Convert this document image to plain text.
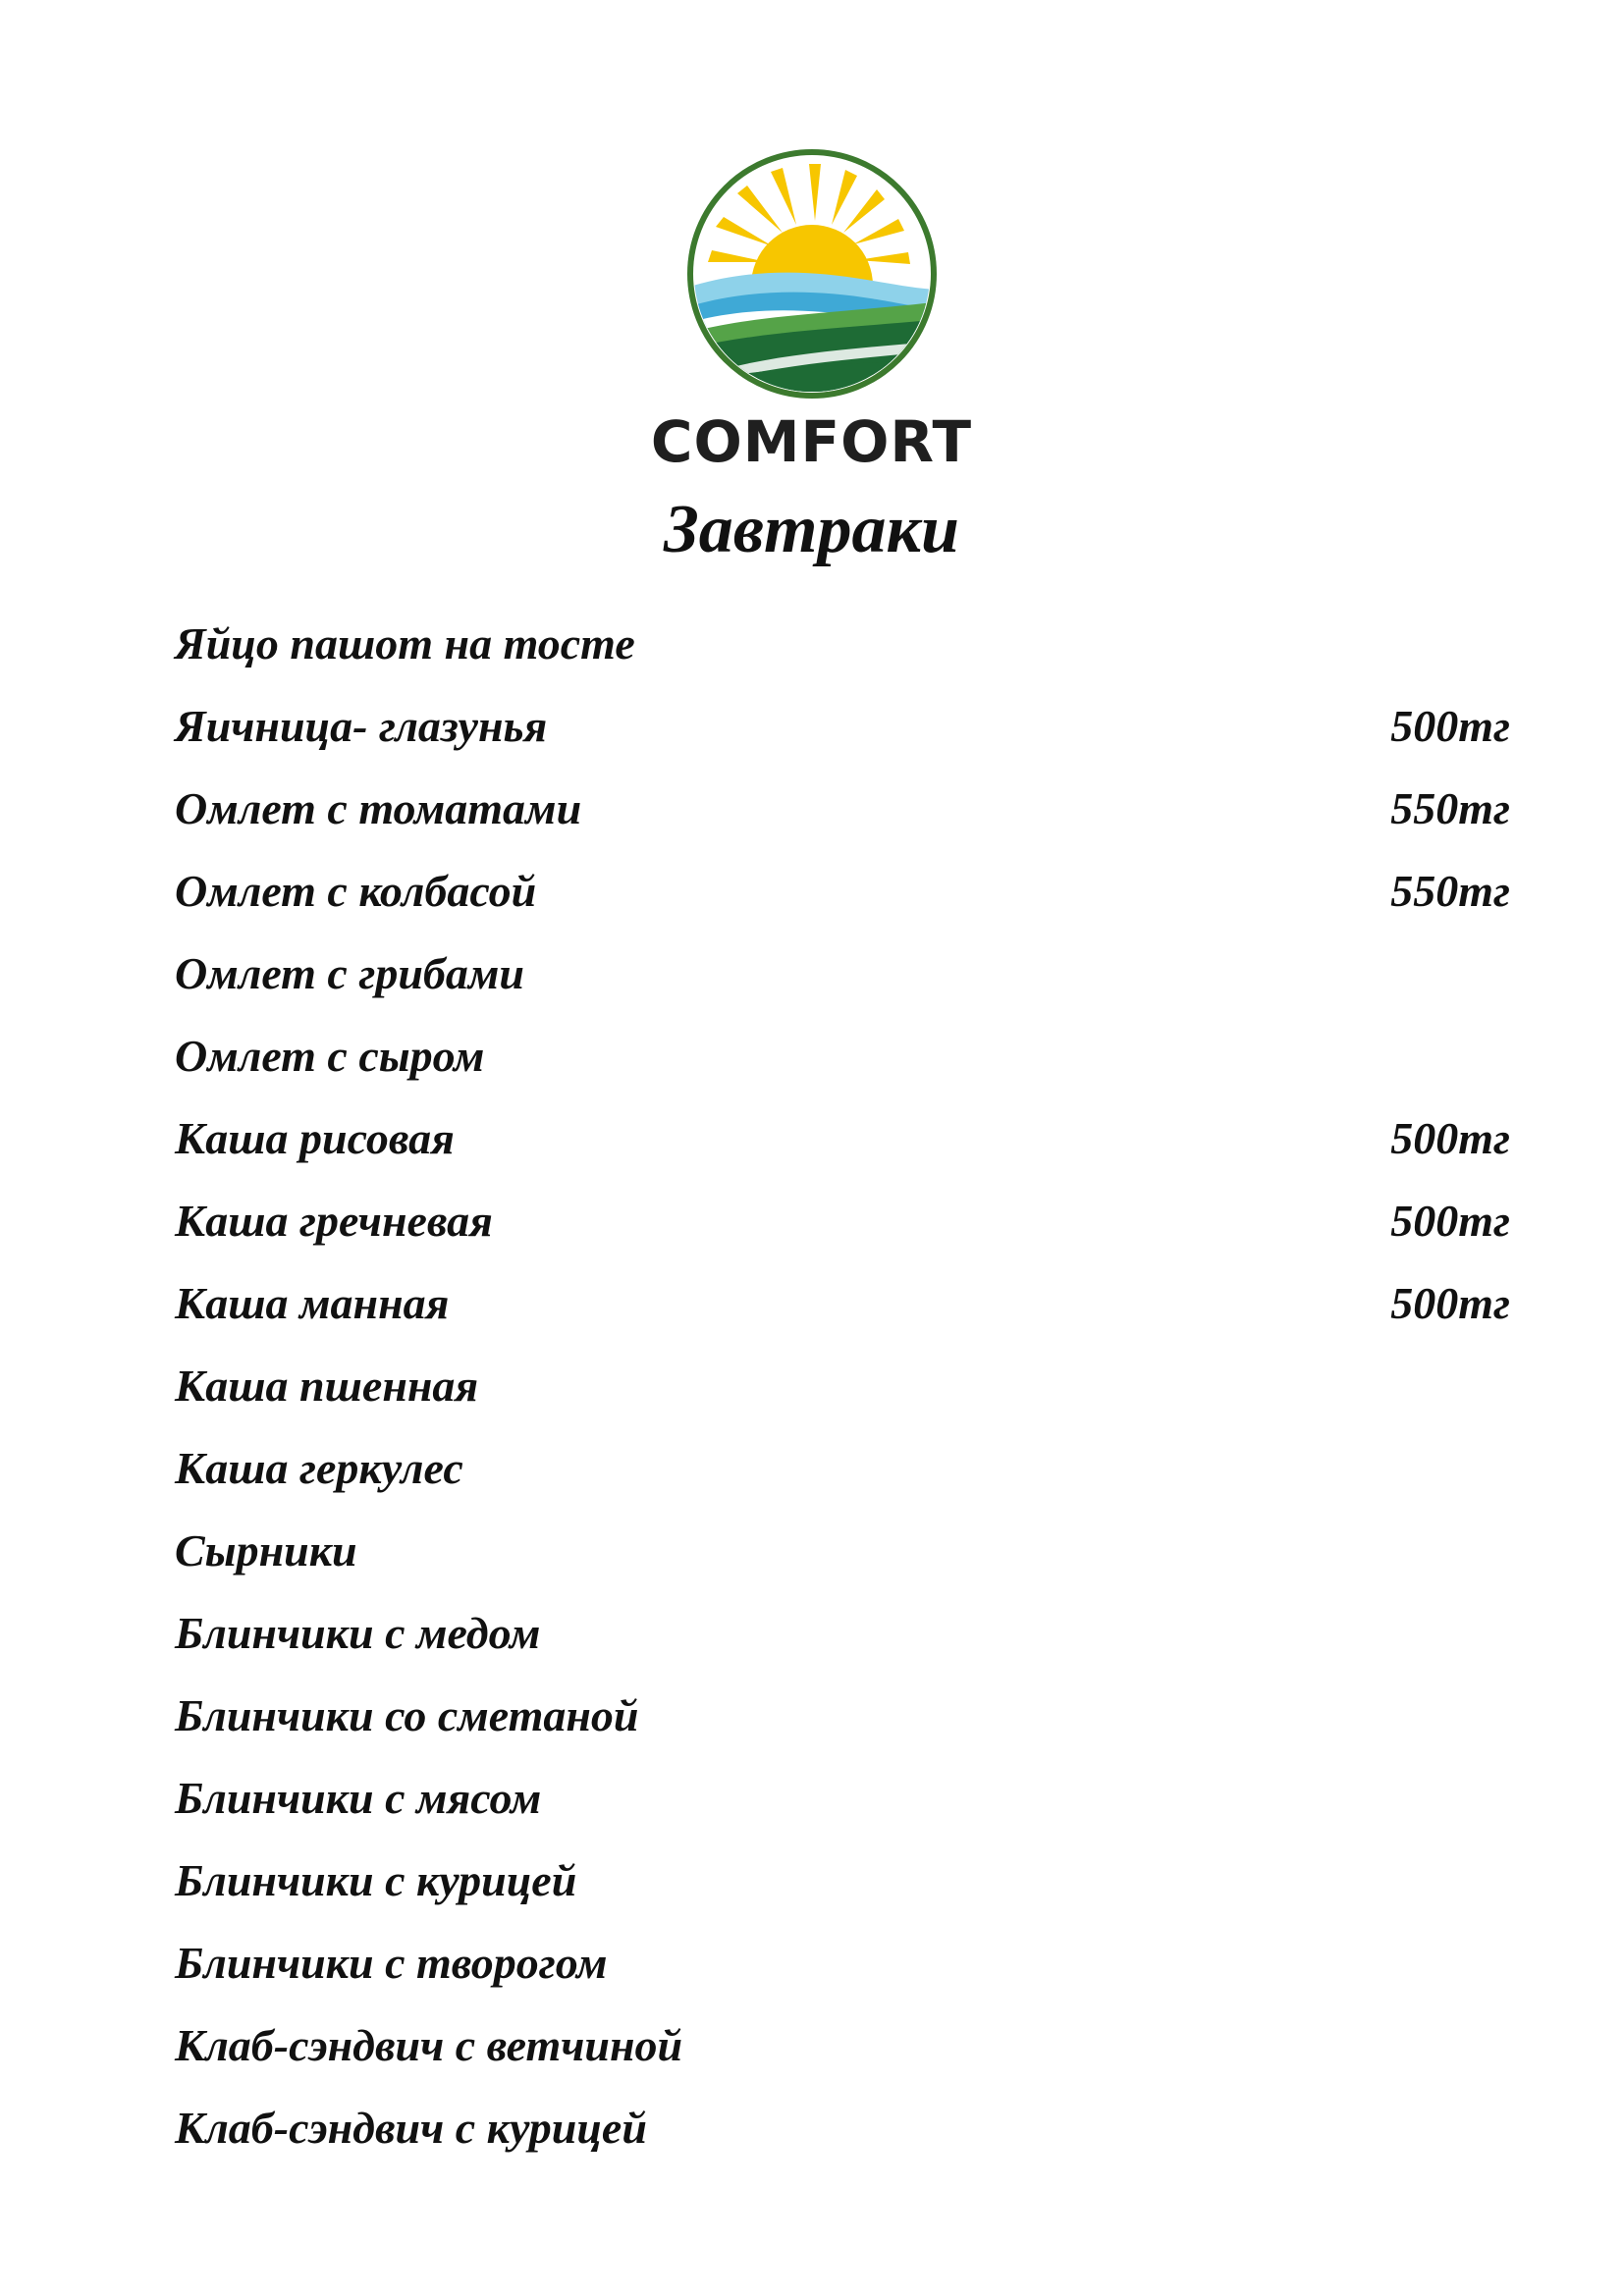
COMFORT
Завтраки
Яйцо пашот на тосте
Яичница- глазунья	500тг
Омлет с томатами	550тг
Омлет с колбасой	550тг
Омлет с грибами
Омлет с сыром
Каша рисовая	500тг
Каша гречневая	500тг
Каша манная	500тг
Каша пшенная
Каша геркулес
Сырники
Блинчики с медом
Блинчики со сметаной
Блинчики с мясом
Блинчики с курицей
Блинчики с творогом
Клаб-сэндвич с ветчиной
Клаб-сэндвич с курицей
